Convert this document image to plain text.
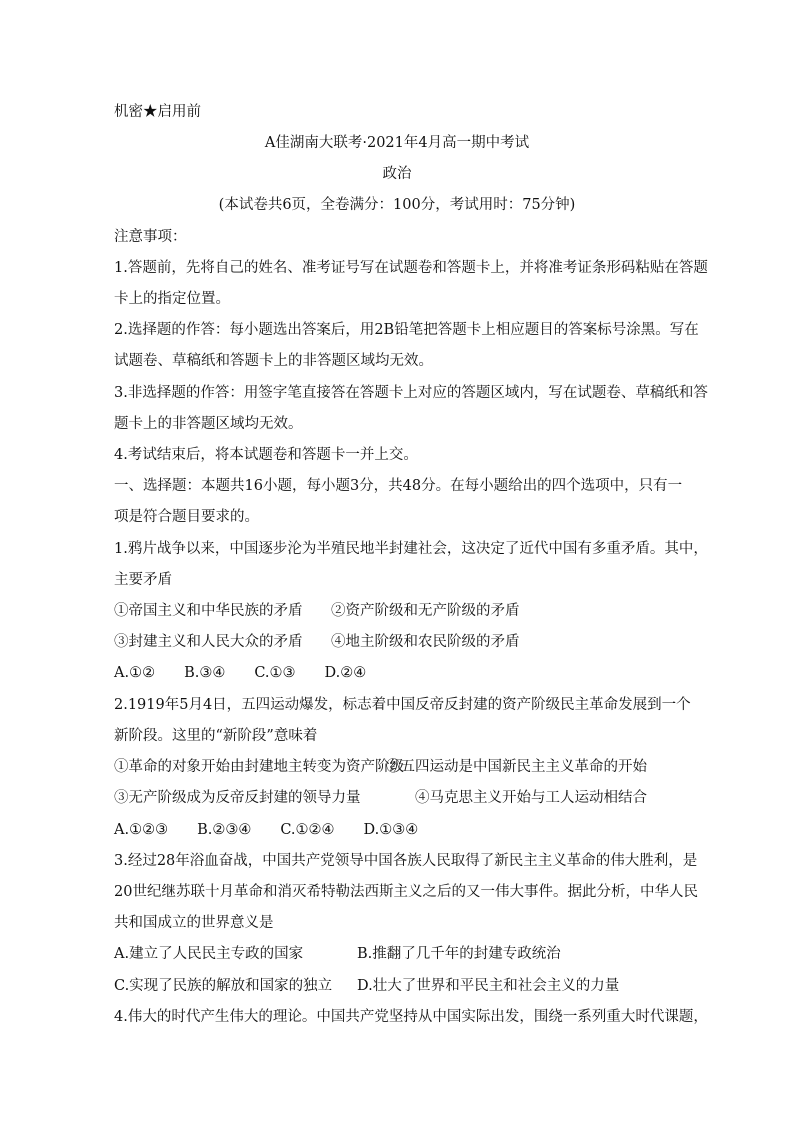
机密★启用前
A佳湖南大联考·2021年4月高一期中考试
政治
(本试卷共6页，全卷满分：100分，考试用时：75分钟)
注意事项：
1.答题前，先将自己的姓名、准考证号写在试题卷和答题卡上，并将准考证条形码粘贴在答题
卡上的指定位置。
2.选择题的作答：每小题选出答案后，用2B铅笔把答题卡上相应题目的答案标号涂黑。写在
试题卷、草稿纸和答题卡上的非答题区域均无效。
3.非选择题的作答：用签字笔直接答在答题卡上对应的答题区域内，写在试题卷、草稿纸和答
题卡上的非答题区域均无效。
4.考试结束后，将本试题卷和答题卡一并上交。
一、选择题：本题共16小题，每小题3分，共48分。在每小题给出的四个选项中，只有一
项是符合题目要求的。
1.鸦片战争以来，中国逐步沦为半殖民地半封建社会，这决定了近代中国有多重矛盾。其中，
主要矛盾
①帝国主义和中华民族的矛盾 ②资产阶级和无产阶级的矛盾
③封建主义和人民大众的矛盾 ④地主阶级和农民阶级的矛盾
A.①②　　B.③④　　C.①③　　D.②④
2.1919年5月4日，五四运动爆发，标志着中国反帝反封建的资产阶级民主革命发展到一个
新阶段。这里的“新阶段”意味着
①革命的对象开始由封建地主转变为资产阶级
②五四运动是中国新民主主义革命的开始
③无产阶级成为反帝反封建的领导力量	④马克思主义开始与工人运动相结合
A.①②③　　B.②③④　　C.①②④　　D.①③④
3.经过28年浴血奋战，中国共产党领导中国各族人民取得了新民主主义革命的伟大胜利，是
20世纪继苏联十月革命和消灭希特勒法西斯主义之后的又一伟大事件。据此分析，中华人民
共和国成立的世界意义是
A.建立了人民民主专政的国家	B.推翻了几千年的封建专政统治
C.实现了民族的解放和国家的独立 D.壮大了世界和平民主和社会主义的力量
4.伟大的时代产生伟大的理论。中国共产党坚持从中国实际出发，围绕一系列重大时代课题，
